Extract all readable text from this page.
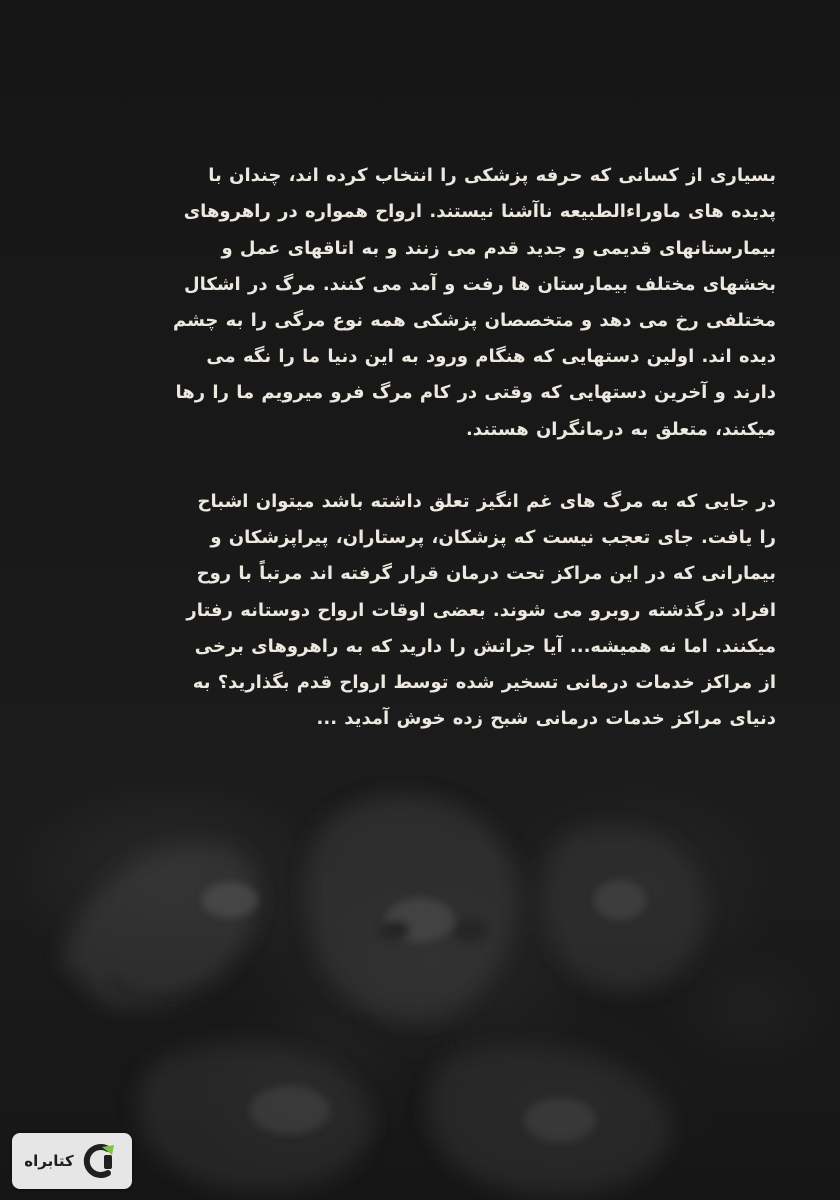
بسیاری از کسانی که حرفه پزشکی را انتخاب کرده اند، چندان با
پدیده های ماوراءالطبیعه ناآشنا نیستند. ارواح همواره در راهروهای
بیمارستانهای قدیمی و جدید قدم می زنند و به اتاقهای عمل و
بخشهای مختلف بیمارستان ها رفت و آمد می کنند. مرگ در اشکال
مختلفی رخ می دهد و متخصصان پزشکی همه نوع مرگی را به چشم
دیده اند. اولین دستهایی که هنگام ورود به این دنیا ما را نگه می
دارند و آخرین دستهایی که وقتی در کام مرگ فرو میرویم ما را رها
میکنند، متعلق به درمانگران هستند.

در جایی که به مرگ های غم انگیز تعلق داشته باشد میتوان اشباح
را یافت. جای تعجب نیست که پزشکان، پرستاران، پیراپزشکان و
بیمارانی که در این مراکز تحت درمان قرار گرفته اند مرتباً با روح
افراد درگذشته روبرو می شوند. بعضی اوقات ارواح دوستانه رفتار
میکنند. اما نه همیشه... آیا جراتش را دارید که به راهروهای برخی
از مراکز خدمات درمانی تسخیر شده توسط ارواح قدم بگذارید؟ به
دنیای مراکز خدمات درمانی شبح زده خوش آمدید ...

کتابراه
